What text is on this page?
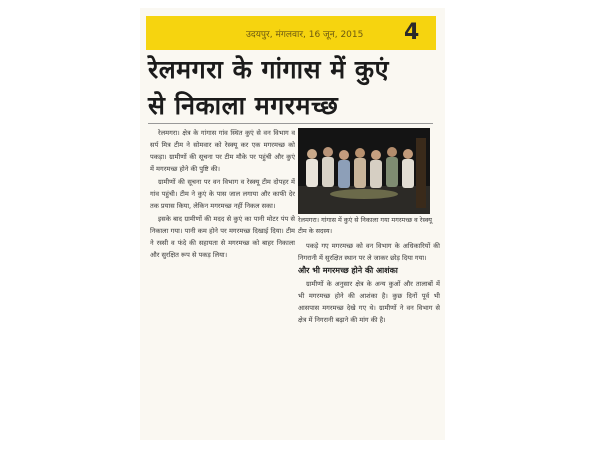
उदयपुर, मंगलवार, 16 जून, 2015 4
रेलमगरा के गांगास में कुएं
से निकाला मगरमच्छ

रेलमगरा। क्षेत्र के गांगास गांव स्थित कुएं से वन विभाग व सर्प मित्र टीम ने सोमवार को रेस्क्यू कर एक मगरमच्छ को पकड़ा। ग्रामीणों की सूचना पर टीम मौके पर पहुंची और कुएं में मगरमच्छ होने की पुष्टि की।

ग्रामीणों की सूचना पर वन विभाग व रेस्क्यू टीम दोपहर में गांव पहुंची। टीम ने कुएं के पास जाल लगाया और काफी देर तक प्रयास किया, लेकिन मगरमच्छ नहीं निकल सका।

इसके बाद ग्रामीणों की मदद से कुएं का पानी मोटर पंप से निकाला गया। पानी कम होने पर मगरमच्छ दिखाई दिया। टीम ने रस्सी व फंदे की सहायता से मगरमच्छ को बाहर निकाला और सुरक्षित रूप से पकड़ लिया।

रेलमगरा। गांगास में कुएं से निकाला गया मगरमच्छ व रेस्क्यू टीम के सदस्य।

पकड़े गए मगरमच्छ को वन विभाग के अधिकारियों की निगरानी में सुरक्षित स्थान पर ले जाकर छोड़ दिया गया।

और भी मगरमच्छ होने की आशंका

ग्रामीणों के अनुसार क्षेत्र के अन्य कुओं और तालाबों में भी मगरमच्छ होने की आशंका है। कुछ दिनों पूर्व भी आसपास मगरमच्छ देखे गए थे। ग्रामीणों ने वन विभाग से क्षेत्र में निगरानी बढ़ाने की मांग की है।
